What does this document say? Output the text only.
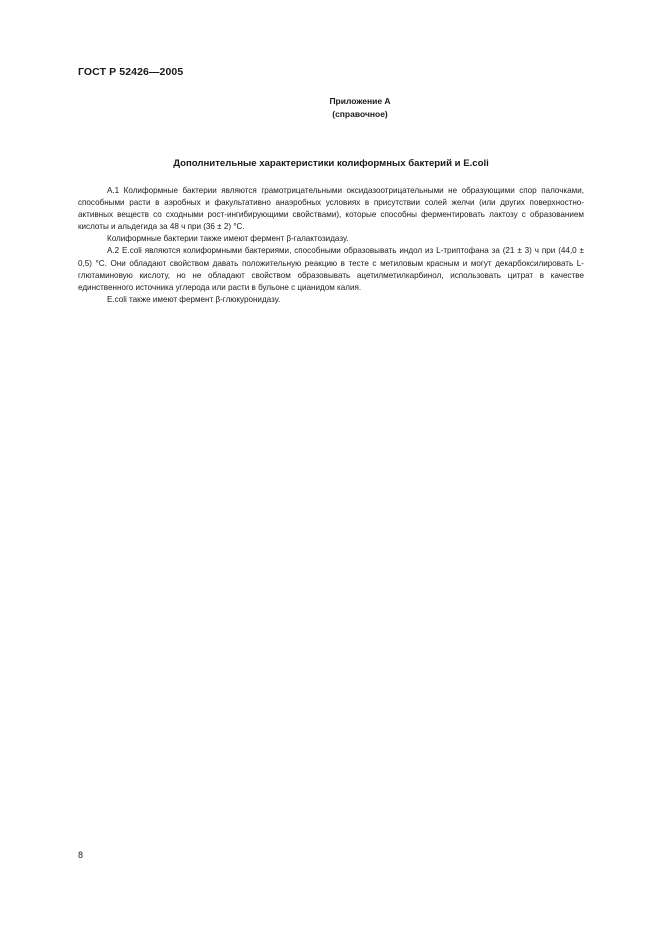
ГОСТ Р 52426—2005
Приложение А
(справочное)
Дополнительные характеристики колиформных бактерий и E.coli

А.1 Колиформные бактерии являются грамотрицательными оксидазоотрицательными не образующими спор палочками, способными расти в аэробных и факультативно анаэробных условиях в присутствии солей желчи (или других поверхностно-активных веществ со сходными рост-ингибирующими свойствами), которые способны ферментировать лактозу с образованием кислоты и альдегида за 48 ч при (36 ± 2) °С.

Колиформные бактерии также имеют фермент β-галактозидазу.

А.2 E.coli являются колиформными бактериями, способными образовывать индол из L-триптофана за (21 ± 3) ч при (44,0 ± 0,5) °С. Они обладают свойством давать положительную реакцию в тесте с метиловым красным и могут декарбоксилировать L-глютаминовую кислоту, но не обладают свойством образовывать ацетилметилкарбинол, использовать цитрат в качестве единственного источника углерода или расти в бульоне с цианидом калия.

E.coli также имеют фермент β-глюкуронидазу.

8
